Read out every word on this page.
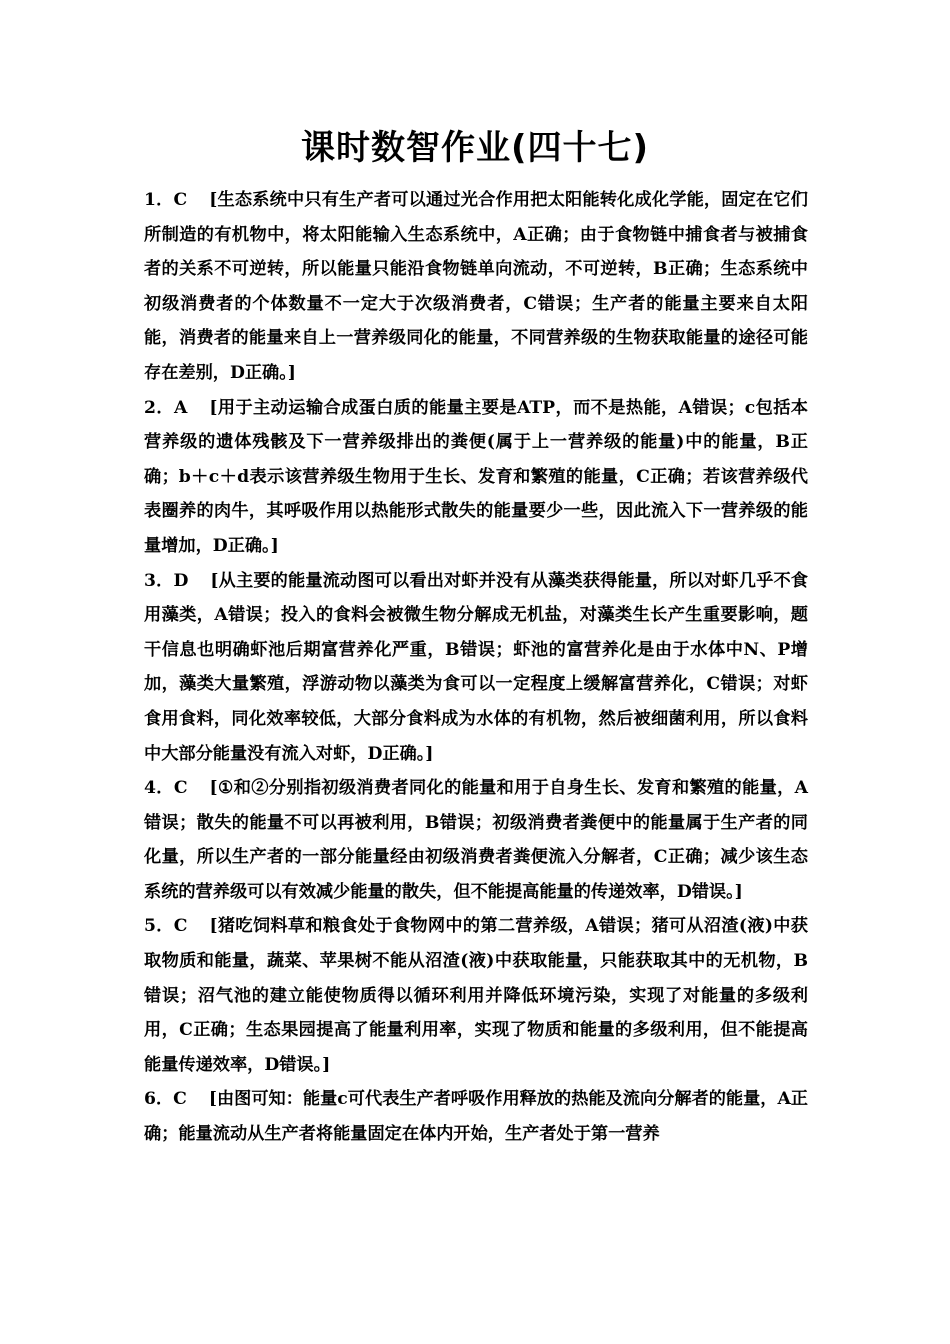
课时数智作业(四十七)

1．C [生态系统中只有生产者可以通过光合作用把太阳能转化成化学能，固定在它们所制造的有机物中，将太阳能输入生态系统中，A正确；由于食物链中捕食者与被捕食者的关系不可逆转，所以能量只能沿食物链单向流动，不可逆转，B正确；生态系统中初级消费者的个体数量不一定大于次级消费者，C错误；生产者的能量主要来自太阳能，消费者的能量来自上一营养级同化的能量，不同营养级的生物获取能量的途径可能存在差别，D正确。]

2．A [用于主动运输合成蛋白质的能量主要是ATP，而不是热能，A错误；c包括本营养级的遗体残骸及下一营养级排出的粪便(属于上一营养级的能量)中的能量，B正确；b＋c＋d表示该营养级生物用于生长、发育和繁殖的能量，C正确；若该营养级代表圈养的肉牛，其呼吸作用以热能形式散失的能量要少一些，因此流入下一营养级的能量增加，D正确。]

3．D [从主要的能量流动图可以看出对虾并没有从藻类获得能量，所以对虾几乎不食用藻类，A错误；投入的食料会被微生物分解成无机盐，对藻类生长产生重要影响，题干信息也明确虾池后期富营养化严重，B错误；虾池的富营养化是由于水体中N、P增加，藻类大量繁殖，浮游动物以藻类为食可以一定程度上缓解富营养化，C错误；对虾食用食料，同化效率较低，大部分食料成为水体的有机物，然后被细菌利用，所以食料中大部分能量没有流入对虾，D正确。]

4．C [①和②分别指初级消费者同化的能量和用于自身生长、发育和繁殖的能量，A错误；散失的能量不可以再被利用，B错误；初级消费者粪便中的能量属于生产者的同化量，所以生产者的一部分能量经由初级消费者粪便流入分解者，C正确；减少该生态系统的营养级可以有效减少能量的散失，但不能提高能量的传递效率，D错误。]

5．C [猪吃饲料草和粮食处于食物网中的第二营养级，A错误；猪可从沼渣(液)中获取物质和能量，蔬菜、苹果树不能从沼渣(液)中获取能量，只能获取其中的无机物，B错误；沼气池的建立能使物质得以循环利用并降低环境污染，实现了对能量的多级利用，C正确；生态果园提高了能量利用率，实现了物质和能量的多级利用，但不能提高能量传递效率，D错误。]

6．C [由图可知：能量c可代表生产者呼吸作用释放的热能及流向分解者的能量，A正确；能量流动从生产者将能量固定在体内开始，生产者处于第一营养
